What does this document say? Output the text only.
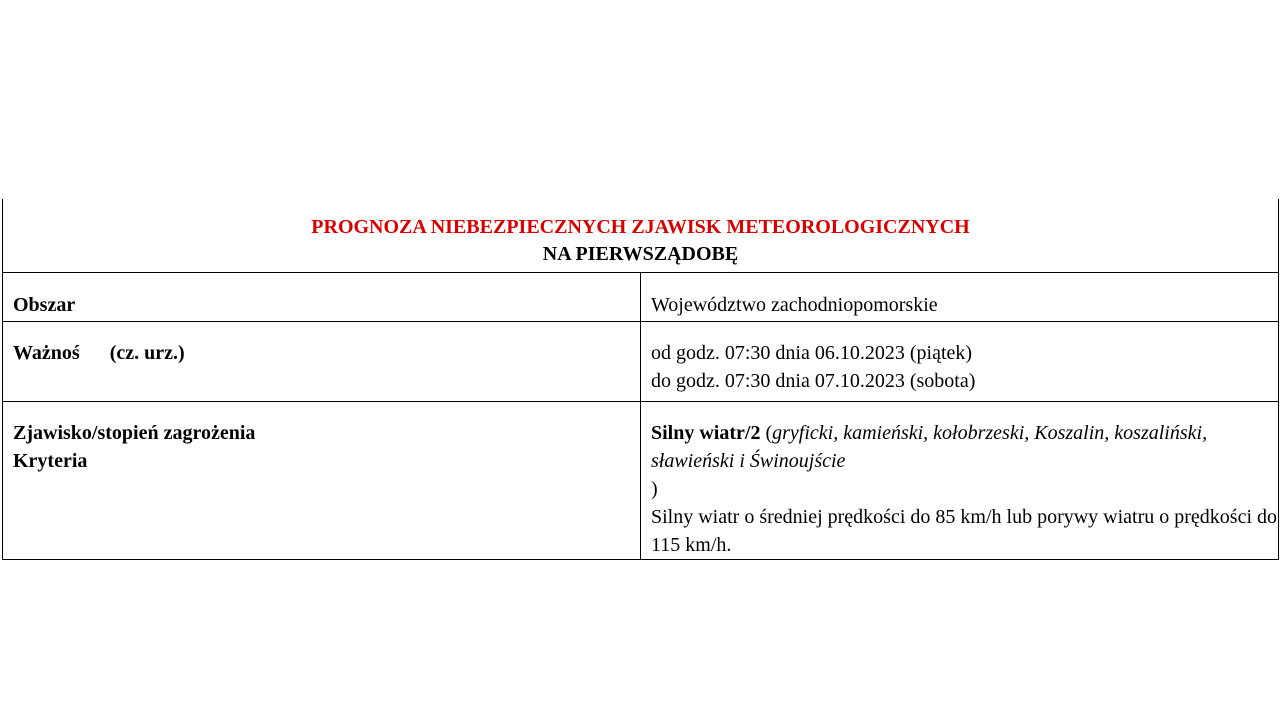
PROGNOZA NIEBEZPIECZNYCH ZJAWISK METEOROLOGICZNYCH
NA PIERWSZĄDOBĘ	

Obszar	Województwo zachodniopomorskie

Ważnoś (cz. urz.)	od godz. 07:30 dnia 06.10.2023 (piątek)
do godz. 07:30 dnia 07.10.2023 (sobota)

Zjawisko/stopień zagrożenia
Kryteria	Silny wiatr/2 (gryficki, kamieński, kołobrzeski, Koszalin, koszaliński, sławieński i Świnoujście
)
Silny wiatr o średniej prędkości do 85 km/h lub porywy wiatru o prędkości do 115 km/h.
